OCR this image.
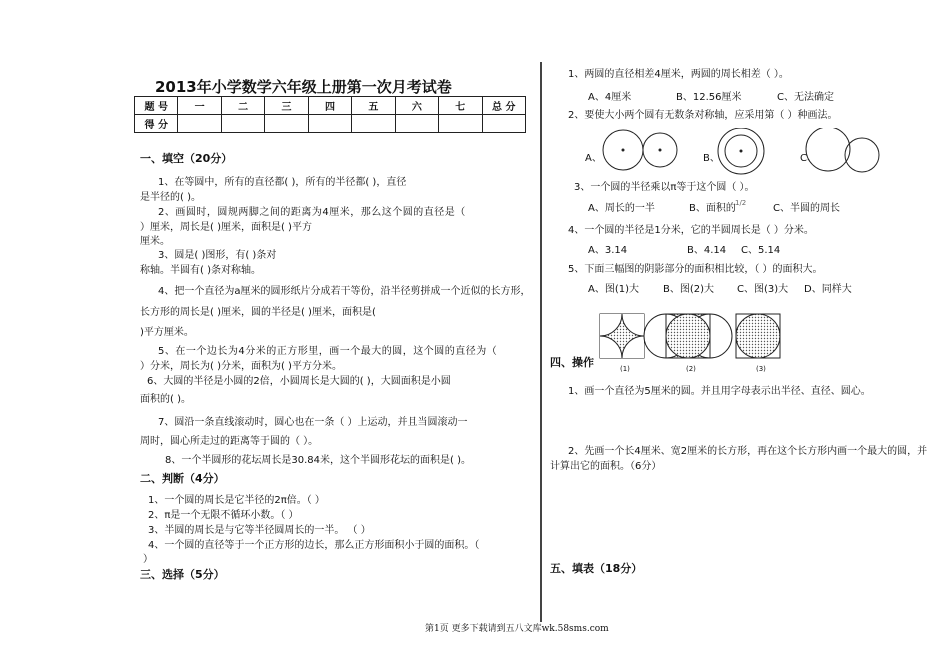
2013年小学数学六年级上册第一次月考试卷
题 号	一	二	三	四	五	六	七	总 分
得 分								
一、填空（20分）
1、在等圆中，所有的直径都( )，所有的半径都( )，直径
是半径的( )。
2、画圆时，圆规两脚之间的距离为4厘米，那么这个圆的直径是（
）厘米，周长是( )厘米，面积是( )平方
厘米。
3、圆是( )图形，有( )条对
称轴。半圆有( )条对称轴。
4、把一个直径为a厘米的圆形纸片分成若干等份，沿半径剪拼成一个近似的长方形，
长方形的周长是( )厘米，圆的半径是( )厘米，面积是(
)平方厘米。
5、在一个边长为4分米的正方形里，画一个最大的圆，这个圆的直径为（
）分米，周长为( )分米，面积为( )平方分米。
6、大圆的半径是小圆的2倍，小圆周长是大圆的( )，大圆面积是小圆
面积的( )。
7、圆沿一条直线滚动时，圆心也在一条（ ）上运动，并且当圆滚动一
周时，圆心所走过的距离等于圆的（ ）。
8、一个半圆形的花坛周长是30.84米，这个半圆形花坛的面积是( )。
二、判断（4分）
1、一个圆的周长是它半径的2π倍。（ ）
2、π是一个无限不循环小数。（ ）
3、半圆的周长是与它等半径圆周长的一半。 （ ）
4、一个圆的直径等于一个正方形的边长，那么正方形面积小于圆的面积。（
）
三、选择（5分）
1、两圆的直径相差4厘米，两圆的周长相差（ ）。
A、4厘米	B、12.56厘米	C、无法确定
2、要使大小两个圆有无数条对称轴，应采用第（ ）种画法。
A、	B、	C、
3、一个圆的半径乘以π等于这个圆（ ）。
1/2
A、周长的一半	B、面积的	C、半圆的周长
4、一个圆的半径是1分米，它的半圆周长是（ ）分米。
A、3.14	B、4.14 C、5.14
5、下面三幅图的阴影部分的面积相比较，（ ）的面积大。
A、图(1)大 B、图(2)大 C、图(3)大 D、同样大
(1)	(2)	(3)
四、操作
1、画一个直径为5厘米的圆。并且用字母表示出半径、直径、圆心。
2、先画一个长4厘米、宽2厘米的长方形，再在这个长方形内画一个最大的圆，并
计算出它的面积。（6分）
五、填表（18分）
第1页 更多下载请到五八文库wk.58sms.com
